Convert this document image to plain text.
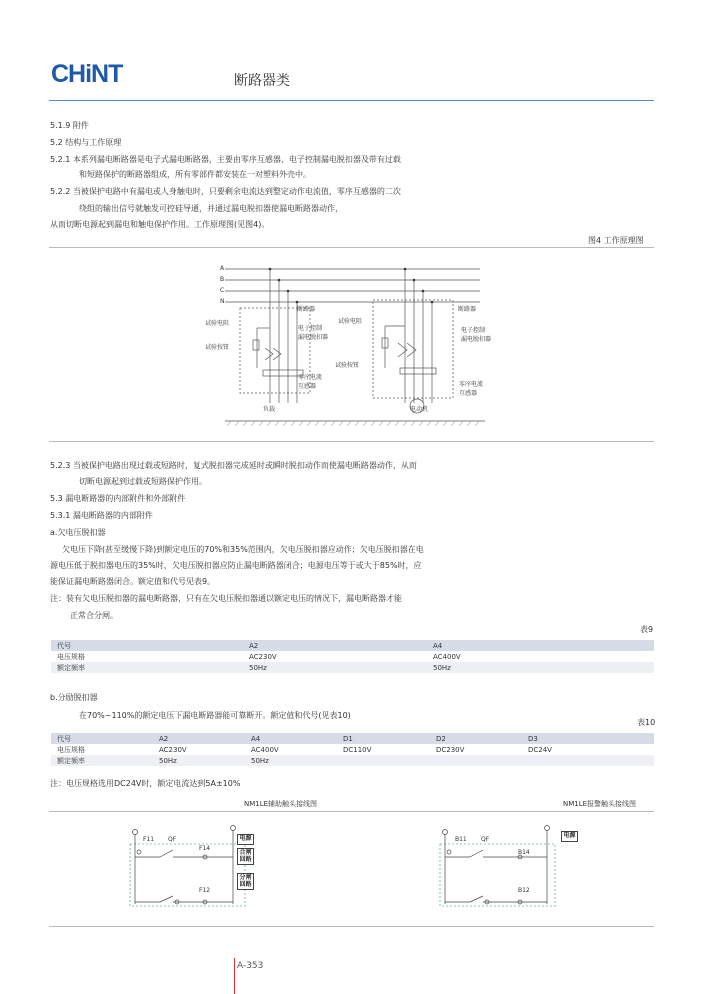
CHiNT	断路器类
5.1.9 附件
5.2 结构与工作原理
5.2.1 本系列漏电断路器是电子式漏电断路器，主要由零序互感器、电子控制漏电脱扣器及带有过载
和短路保护的断路器组成，所有零部件都安装在一对塑料外壳中。
5.2.2 当被保护电路中有漏电或人身触电时，只要剩余电流达到整定动作电流值，零序互感器的二次
绕组的输出信号就触发可控硅导通，并通过漏电脱扣器使漏电断路器动作，
从而切断电源起到漏电和触电保护作用。工作原理图(见图4)。
图4 工作原理图
A
B
C
N
断路器
试验电阻
试验按钮
电子控制
漏电脱扣器
零序电流
互感器
负载
断路器
试验电阻
试验按钮
电子控制
漏电脱扣器
零序电流
互感器
电动机
5.2.3 当被保护电路出现过载或短路时，复式脱扣器完成延时或瞬时脱扣动作而使漏电断路器动作，从而
切断电源起到过载或短路保护作用。
5.3 漏电断路器的内部附件和外部附件
5.3.1 漏电断路器的内部附件
a.欠电压脱扣器
欠电压下降(甚至缓慢下降)到额定电压的70%和35%范围内，欠电压脱扣器应动作；欠电压脱扣器在电
源电压低于脱扣器电压的35%时，欠电压脱扣器应防止漏电断路器闭合；电源电压等于或大于85%时，应
能保证漏电断路器闭合。额定值和代号见表9。
注：装有欠电压脱扣器的漏电断路器，只有在欠电压脱扣器通以额定电压的情况下，漏电断路器才能
正常合分闸。
表9
代号	A2	A4
电压规格	AC230V	AC400V
额定频率	50Hz	50Hz
b.分励脱扣器
在70%~110%的额定电压下漏电断路器能可靠断开。额定值和代号(见表10)
表10
代号	A2	A4	D1	D2	D3
电压规格	AC230V	AC400V	DC110V	DC230V	DC24V
额定频率	50Hz	50Hz			
注：电压规格选用DC24V时，额定电流达到5A±10%
NM1LE辅助触头接线图	NM1LE报警触头接线图
F11 QF
F14
F12
电源
合闸
回路
分闸
回路
B11 QF
B14
B12
电源
A-353
